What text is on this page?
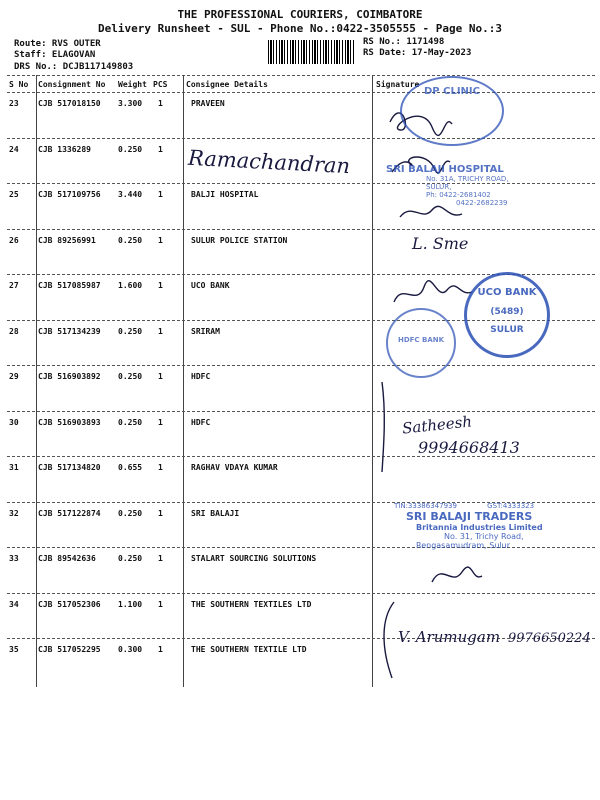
THE PROFESSIONAL COURIERS, COIMBATORE
Delivery Runsheet - SUL - Phone No.:0422-3505555 - Page No.:3
Route: RVS OUTER
Staff: ELAGOVAN
DRS No.: DCJB117149803
RS No.: 1171498
RS Date: 17-May-2023
S No Consignment No Weight PCS Consignee Details	Signature
23 CJB 517018150 3.300 1	PRAVEEN
24 CJB 1336289	0.250 1
25 CJB 517109756 3.440 1	BALJI HOSPITAL
26 CJB 89256991	0.250 1	SULUR POLICE STATION
27 CJB 517085987 1.600 1	UCO BANK
28 CJB 517134239 0.250 1	SRIRAM
29 CJB 516903892 0.250 1	HDFC
30 CJB 516903893 0.250 1	HDFC
31 CJB 517134820 0.655 1	RAGHAV VDAYA KUMAR
32 CJB 517122874 0.250 1	SRI BALAJI
33 CJB 89542636	0.250 1	STALART SOURCING SOLUTIONS
34 CJB 517052306 1.100 1	THE SOUTHERN TEXTILES LTD
35 CJB 517052295 0.300 1	THE SOUTHERN TEXTILE LTD
Ramachandran
L. Sme
Satheesh
9994668413
V. Arumugam 9976650224
DP CLINIC
SRI BALAJI HOSPITAL
No. 31A, TRICHY ROAD,
SULUR,
Ph: 0422-2681402
0422-2682239
UCO BANK
(5489)
SULUR
HDFC BANK
TIN:33386347939	GST:4333323
SRI BALAJI TRADERS
Britannia Industries Limited
No. 31, Trichy Road,
Rengasamudram, Sulur
